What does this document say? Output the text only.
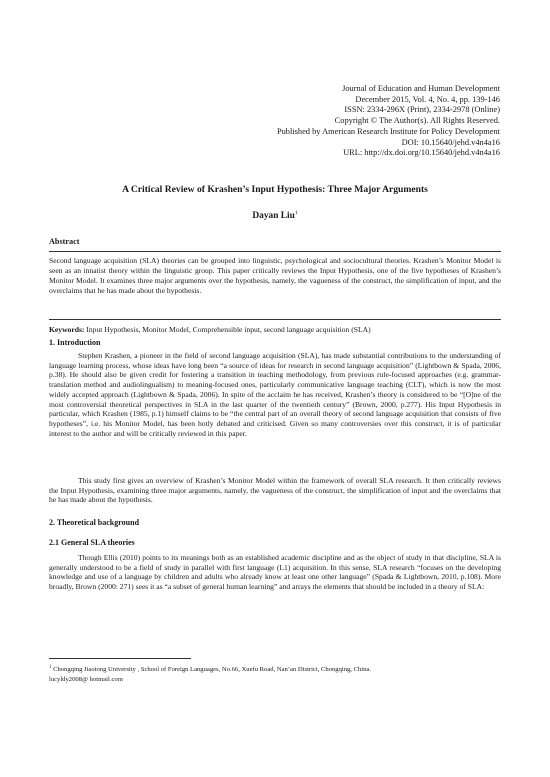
Journal of Education and Human Development
December 2015, Vol. 4, No. 4, pp. 139-146
ISSN: 2334-296X (Print), 2334-2978 (Online)
Copyright © The Author(s). All Rights Reserved.
Published by American Research Institute for Policy Development
DOI: 10.15640/jehd.v4n4a16
URL: http://dx.doi.org/10.15640/jehd.v4n4a16
A Critical Review of Krashen’s Input Hypothesis: Three Major Arguments
Dayan Liu$^1$
Abstract
Second language acquisition (SLA) theories can be grouped into linguistic, psychological and sociocultural theories. Krashen’s Monitor Model is seen as an innatist theory within the linguistic group. This paper critically reviews the Input Hypothesis, one of the five hypotheses of Krashen’s Monitor Model. It examines three major arguments over the hypothesis, namely, the vagueness of the construct, the simplification of input, and the overclaims that he has made about the hypothesis.
Keywords: Input Hypothesis, Monitor Model, Comprehensible input, second language acquisition (SLA)
1. Introduction

Stephen Krashen, a pioneer in the field of second language acquisition (SLA), has made substantial contributions to the understanding of language learning process, whose ideas have long been “a source of ideas for research in second language acquisition” (Lightbown & Spada, 2006, p.38). He should also be given credit for fostering a transition in teaching methodology, from previous rule-focused approaches (e.g. grammar-translation method and audiolingualism) to meaning-focused ones, particularly communicative language teaching (CLT), which is now the most widely accepted approach (Lightbown & Spada, 2006). In spite of the acclaim he has received, Krashen’s theory is considered to be “[O]ne of the most controversial theoretical perspectives in SLA in the last quarter of the twentieth century” (Brown, 2000, p.277). His Input Hypothesis in particular, which Krashen (1985, p.1) himself claims to be “the central part of an overall theory of second language acquisition that consists of five hypotheses”, i.e. his Monitor Model, has been hotly debated and criticised. Given so many controversies over this construct, it is of particular interest to the author and will be critically reviewed in this paper.

This study first gives an overview of Krashen’s Monitor Model within the framework of overall SLA research. It then critically reviews the Input Hypothesis, examining three major arguments, namely, the vagueness of the construct, the simplification of input and the overclaims that he has made about the hypothesis.

2. Theoretical background
2.1 General SLA theories

Though Ellis (2010) points to its meanings both as an established academic discipline and as the object of study in that discipline, SLA is generally understood to be a field of study in parallel with first language (L1) acquisition. In this sense, SLA research “focuses on the developing knowledge and use of a language by children and adults who already know at least one other language” (Spada & Lightbown, 2010, p.108). More broadly, Brown (2000: 271) sees it as “a subset of general human learning” and arrays the elements that should be included in a theory of SLA:

$^1$ Chongqing Jiaotong University , School of Foreign Languages, No.66, Xuefu Road, Nan’an District, Chongqing, China.
lucyldy2008@ hotmail.com
